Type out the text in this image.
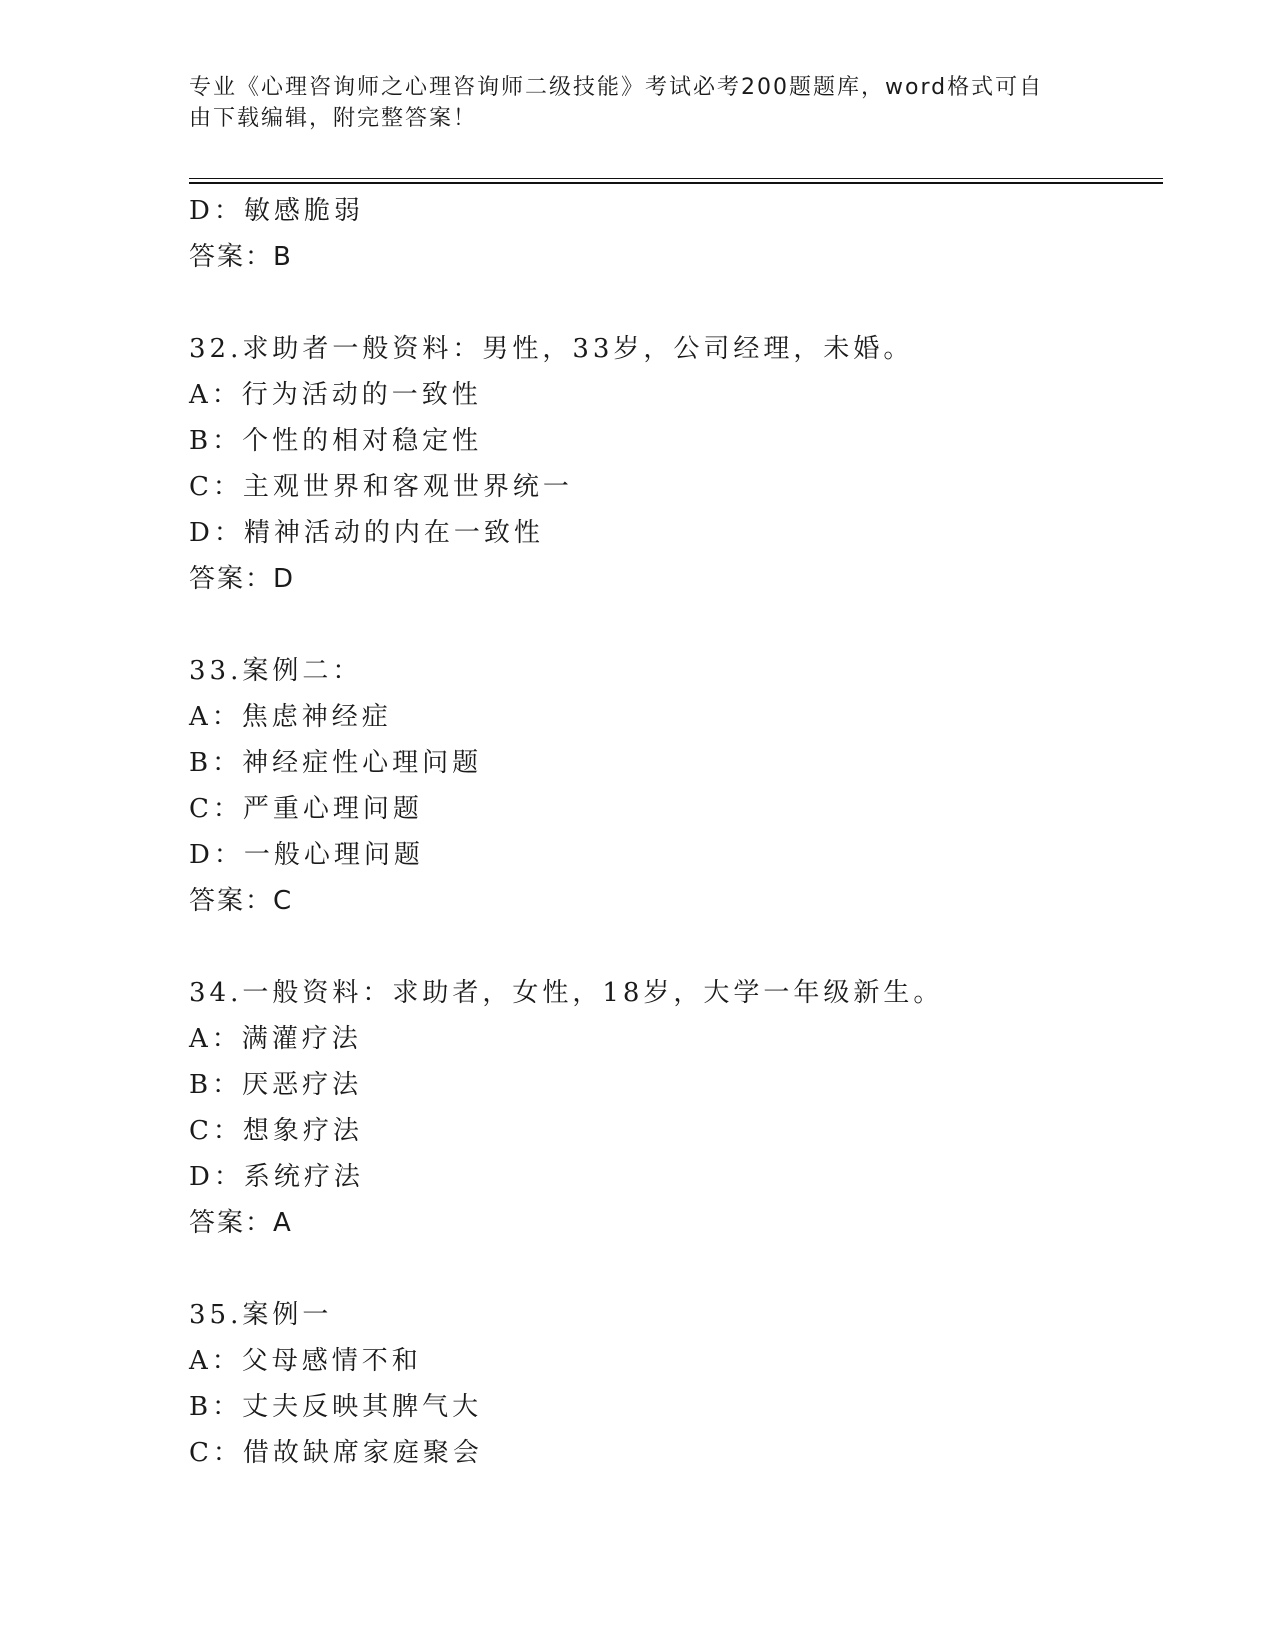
专业《心理咨询师之心理咨询师二级技能》考试必考200题题库，word格式可自
由下载编辑，附完整答案！
D：敏感脆弱
答案：B
32.求助者一般资料：男性，33岁，公司经理，未婚。
A：行为活动的一致性
B：个性的相对稳定性
C：主观世界和客观世界统一
D：精神活动的内在一致性
答案：D
33.案例二：
A：焦虑神经症
B：神经症性心理问题
C：严重心理问题
D：一般心理问题
答案：C
34.一般资料：求助者，女性，18岁，大学一年级新生。
A：满灌疗法
B：厌恶疗法
C：想象疗法
D：系统疗法
答案：A
35.案例一
A：父母感情不和
B：丈夫反映其脾气大
C：借故缺席家庭聚会
